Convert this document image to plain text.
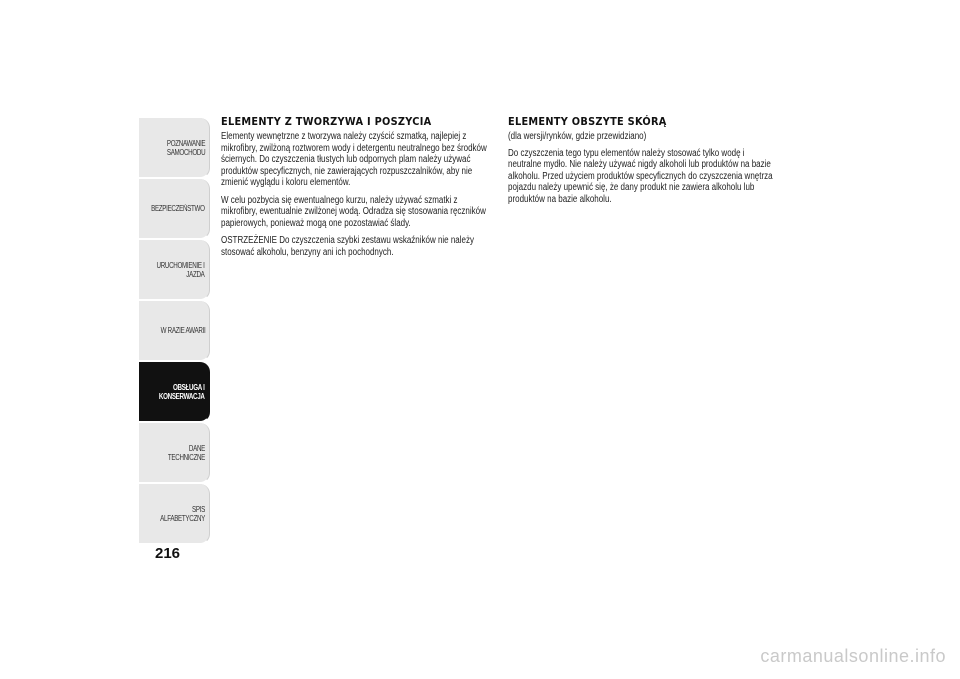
POZNAWANIE
SAMOCHODU
BEZPIECZEŃSTWO
URUCHOMIENIE I
JAZDA
W RAZIE AWARII
OBSŁUGA I
KONSERWACJA
DANE TECHNICZNE
SPIS ALFABETYCZNY
216
ELEMENTY Z TWORZYWA I POSZYCIA

Elementy wewnętrzne z tworzywa należy czyścić szmatką, najlepiej z mikrofibry, zwilżoną roztworem wody i detergentu neutralnego bez środków ściernych. Do czyszczenia tłustych lub odpornych plam należy używać produktów specyficznych, nie zawierających rozpuszczalników, aby nie zmienić wyglądu i koloru elementów.

W celu pozbycia się ewentualnego kurzu, należy używać szmatki z mikrofibry, ewentualnie zwilżonej wodą. Odradza się stosowania ręczników papierowych, ponieważ mogą one pozostawiać ślady.

OSTRZEŻENIE Do czyszczenia szybki zestawu wskaźników nie należy stosować alkoholu, benzyny ani ich pochodnych.

ELEMENTY OBSZYTE SKÓRĄ

(dla wersji/rynków, gdzie przewidziano)

Do czyszczenia tego typu elementów należy stosować tylko wodę i neutralne mydło. Nie należy używać nigdy alkoholi lub produktów na bazie alkoholu. Przed użyciem produktów specyficznych do czyszczenia wnętrza pojazdu należy upewnić się, że dany produkt nie zawiera alkoholu lub produktów na bazie alkoholu.

carmanualsonline.info
